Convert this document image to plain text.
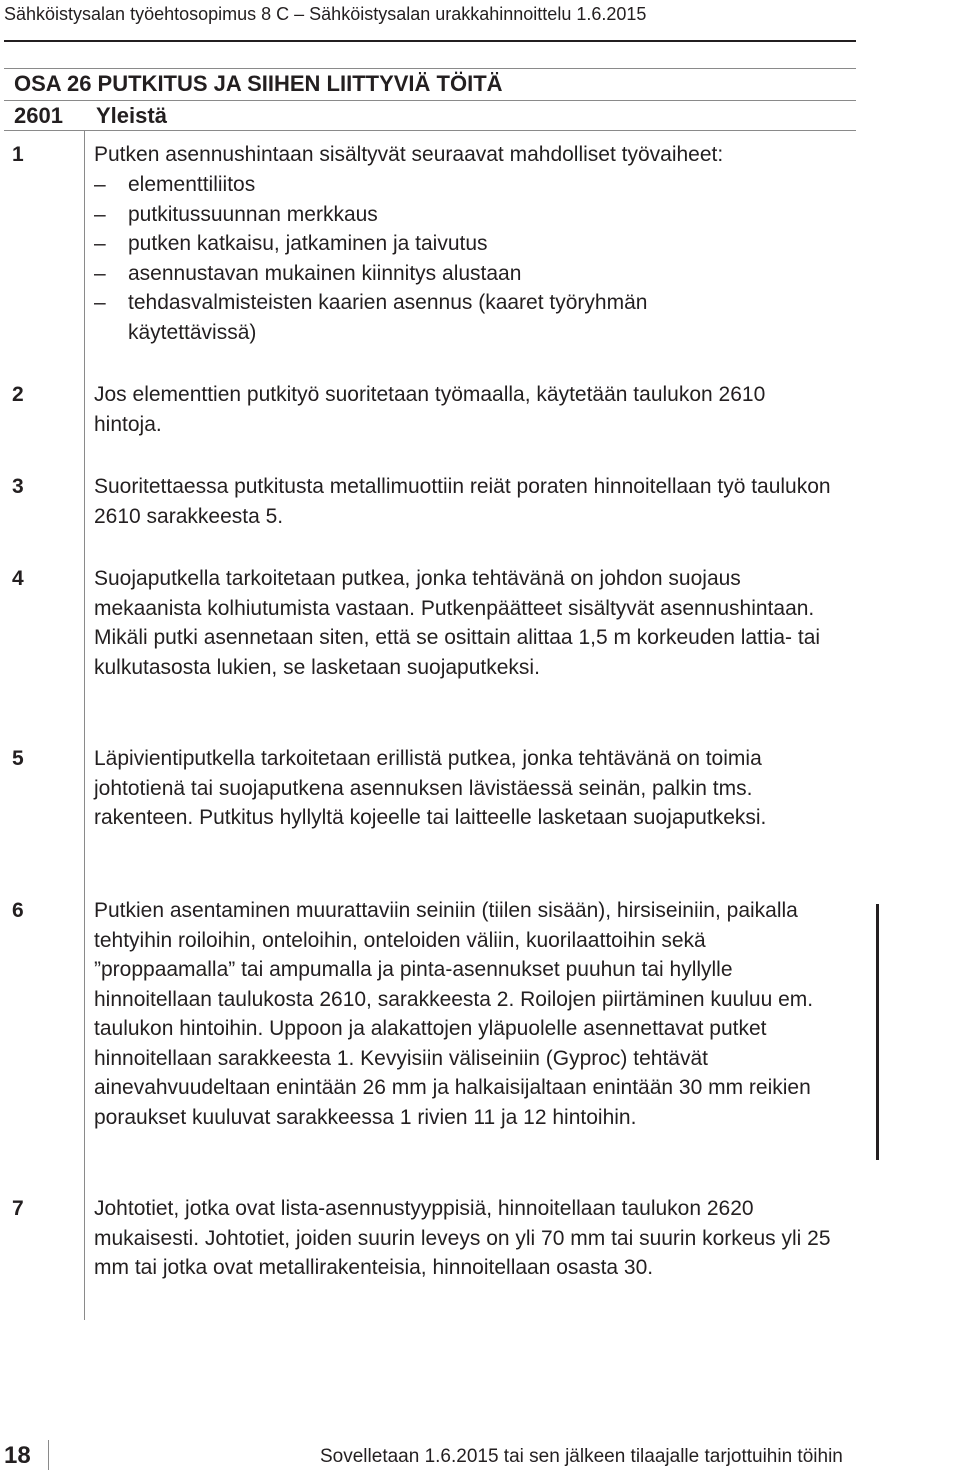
Sähköistysalan työehtosopimus 8 C – Sähköistysalan urakkahinnoittelu 1.6.2015
OSA 26 PUTKITUS JA SIIHEN LIITTYVIÄ TÖITÄ
2601 Yleistä
1	Putken asennushintaan sisältyvät seuraavat mahdolliset työvaiheet:

– elementtiliitos
– putkitussuunnan merkkaus
– putken katkaisu, jatkaminen ja taivutus
– asennustavan mukainen kiinnitys alustaan
– tehdasvalmisteisten kaarien asennus (kaaret työryhmän käytettävissä)
2	Jos elementtien putkityö suoritetaan työmaalla, käytetään taulukon 2610 hintoja.

3	Suoritettaessa putkitusta metallimuottiin reiät poraten hinnoitellaan työ taulukon 2610 sarakkeesta 5.

4	Suojaputkella tarkoitetaan putkea, jonka tehtävänä on johdon suojaus mekaanista kolhiutumista vastaan. Putkenpäätteet sisältyvät asennushintaan. Mikäli putki asennetaan siten, että se osittain alittaa 1,5 m korkeuden lattia- tai kulkutasosta lukien, se lasketaan suojaputkeksi.

5	Läpivientiputkella tarkoitetaan erillistä putkea, jonka tehtävänä on toimia johtotienä tai suojaputkena asennuksen lävistäessä seinän, palkin tms. rakenteen. Putkitus hyllyltä kojeelle tai laitteelle lasketaan suojaputkeksi.

6	Putkien asentaminen muurattaviin seiniin (tiilen sisään), hirsiseiniin, paikalla tehtyihin roiloihin, onteloihin, onteloiden väliin, kuorilaattoihin sekä ”proppaamalla” tai ampumalla ja pinta-asennukset puuhun tai hyllylle hinnoitellaan taulukosta 2610, sarakkeesta 2. Roilojen piirtäminen kuuluu em. taulukon hintoihin. Uppoon ja alakattojen yläpuolelle asennettavat putket hinnoitellaan sarakkeesta 1. Kevyisiin väliseiniin (Gyproc) tehtävät ainevahvuudeltaan enintään 26 mm ja halkaisijaltaan enintään 30 mm reikien poraukset kuuluvat sarakkeessa 1 rivien 11 ja 12 hintoihin.

7	Johtotiet, jotka ovat lista-asennustyyppisiä, hinnoitellaan taulukon 2620 mukaisesti. Johtotiet, joiden suurin leveys on yli 70 mm tai suurin korkeus yli 25 mm tai jotka ovat metallirakenteisia, hinnoitellaan osasta 30.

18	Sovelletaan 1.6.2015 tai sen jälkeen tilaajalle tarjottuihin töihin
